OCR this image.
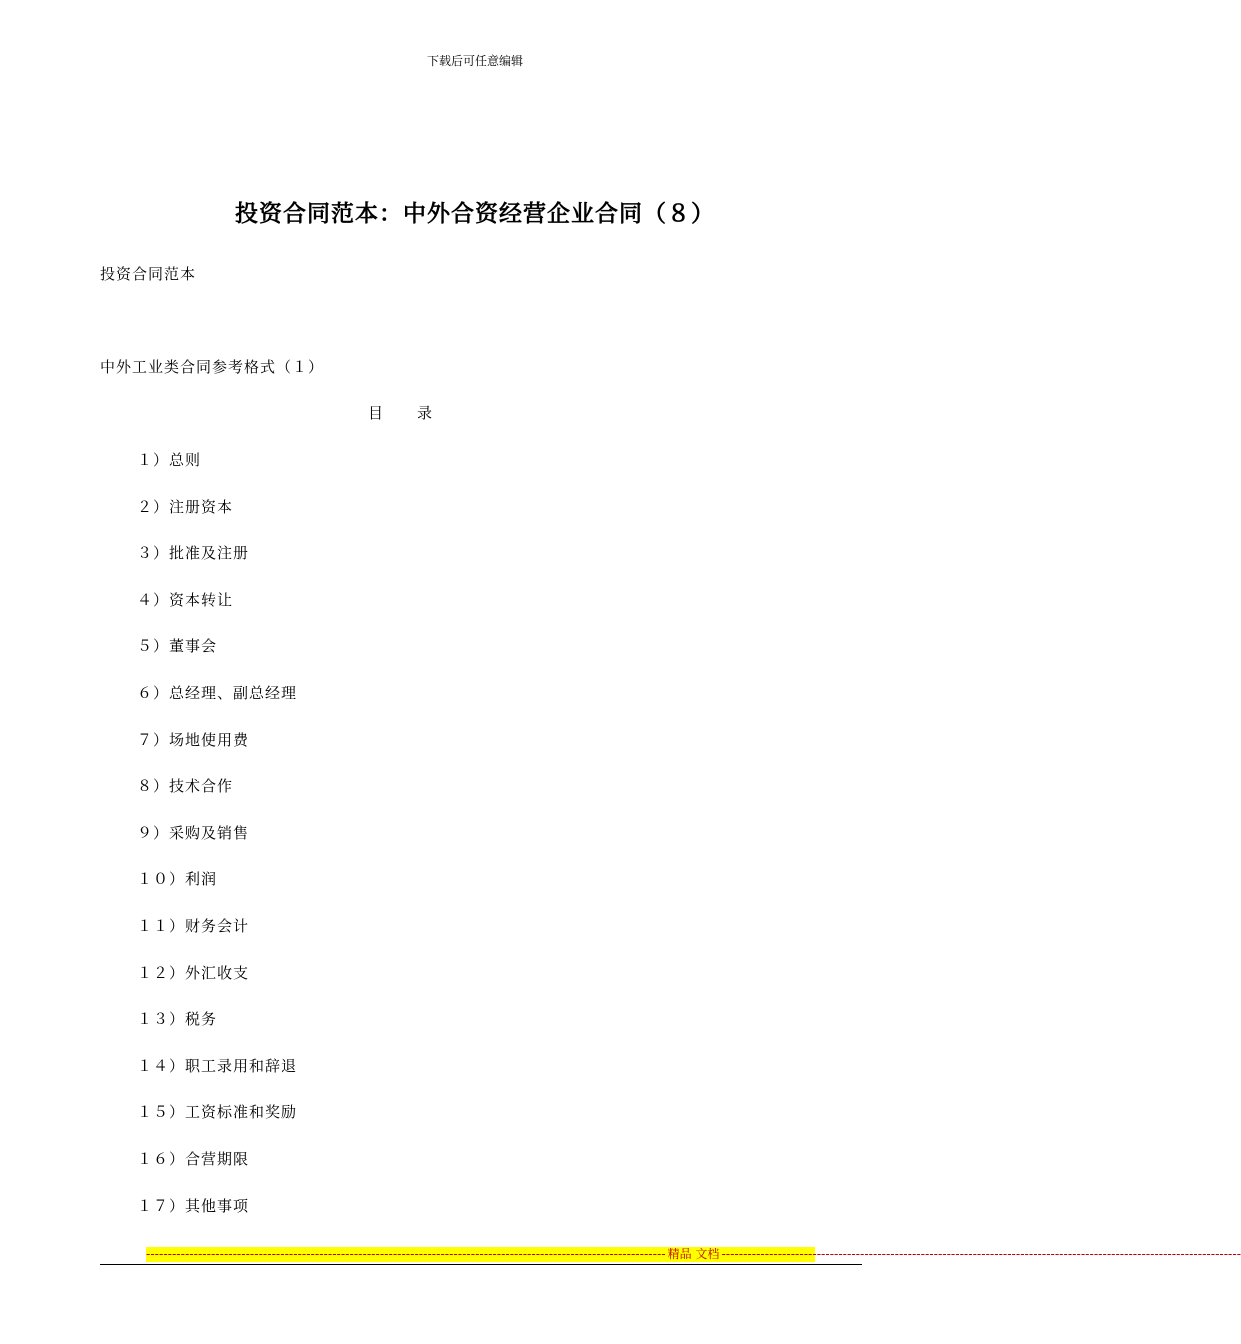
下载后可任意编辑
投资合同范本：中外合资经营企业合同（８）
投资合同范本
中外工业类合同参考格式（１）
目 录
１）总则
２）注册资本
３）批准及注册
４）资本转让
５）董事会
６）总经理、副总经理
７）场地使用费
８）技术合作
９）采购及销售
１０）利润
１１）财务会计
１２）外汇收支
１３）税务
１４）职工录用和辞退
１５）工资标准和奖励
１６）合营期限
１７）其他事项
------------------------------------------------------------------------------------------------------------------------ 精品 文档 ------------------------------------------------------------------------------------------------------------------------
